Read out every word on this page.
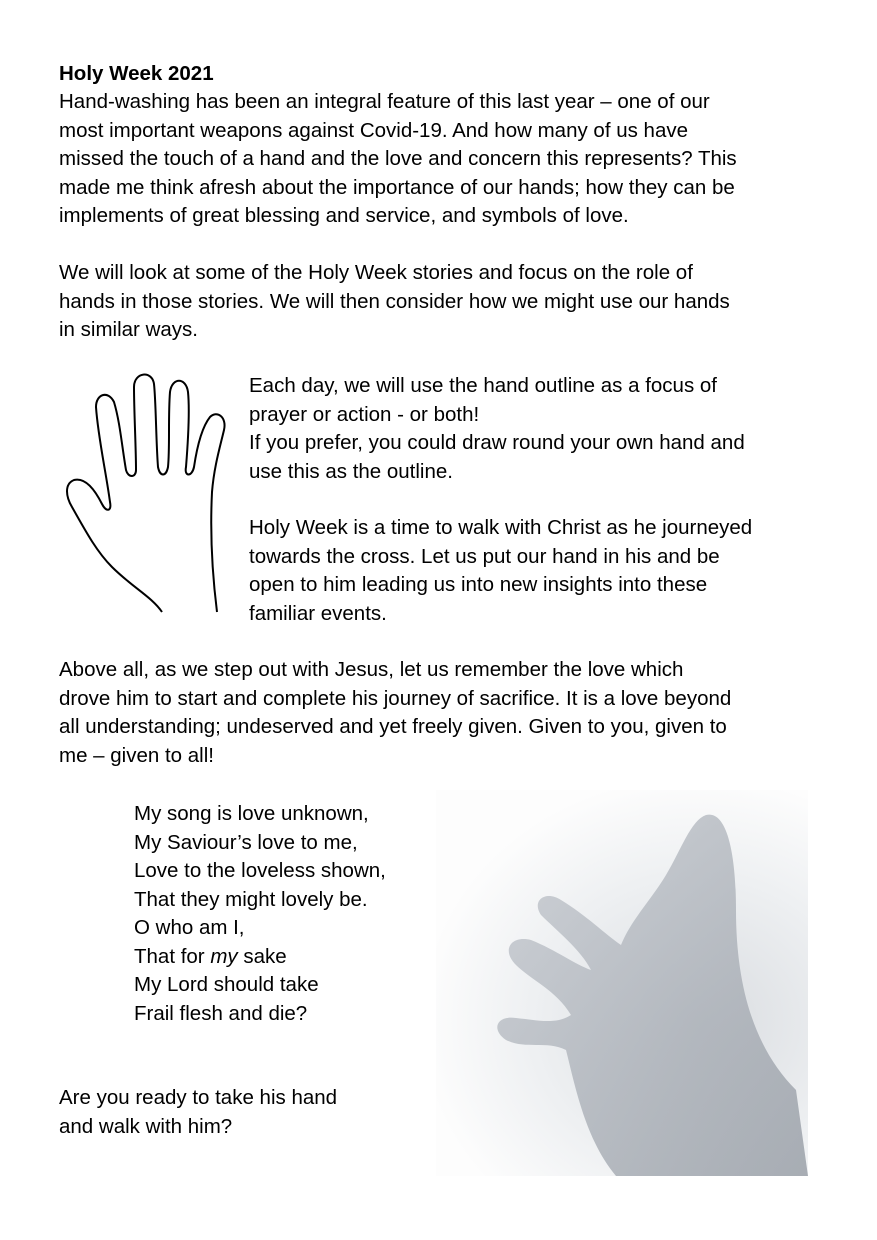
Holy Week 2021

Hand-washing has been an integral feature of this last year – one of our
most important weapons against Covid-19. And how many of us have
missed the touch of a hand and the love and concern this represents? This
made me think afresh about the importance of our hands; how they can be
implements of great blessing and service, and symbols of love.

We will look at some of the Holy Week stories and focus on the role of
hands in those stories. We will then consider how we might use our hands
in similar ways.

Each day, we will use the hand outline as a focus of
prayer or action - or both!
If you prefer, you could draw round your own hand and
use this as the outline.
Holy Week is a time to walk with Christ as he journeyed
towards the cross. Let us put our hand in his and be
open to him leading us into new insights into these
familiar events.

Above all, as we step out with Jesus, let us remember the love which
drove him to start and complete his journey of sacrifice. It is a love beyond
all understanding; undeserved and yet freely given. Given to you, given to
me – given to all!

My song is love unknown,
My Saviour’s love to me,
Love to the loveless shown,
That they might lovely be.
O who am I,
That for my sake
My Lord should take
Frail flesh and die?

Are you ready to take his hand
and walk with him?
